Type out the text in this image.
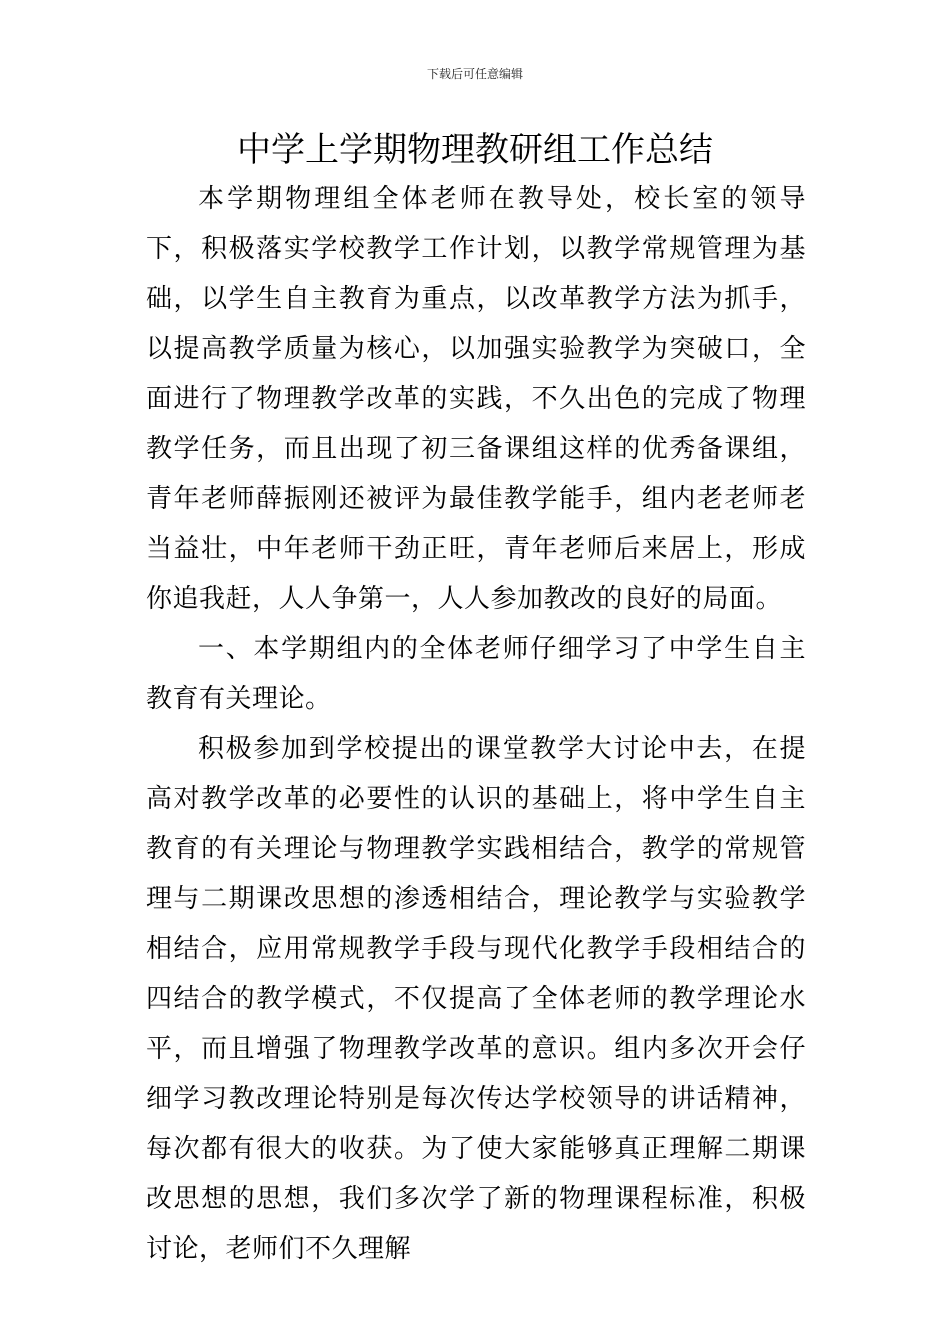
下载后可任意编辑
中学上学期物理教研组工作总结

本学期物理组全体老师在教导处，校长室的领导下，积极落实学校教学工作计划，以教学常规管理为基础，以学生自主教育为重点，以改革教学方法为抓手，以提高教学质量为核心，以加强实验教学为突破口，全面进行了物理教学改革的实践，不久出色的完成了物理教学任务，而且出现了初三备课组这样的优秀备课组，青年老师薛振刚还被评为最佳教学能手，组内老老师老当益壮，中年老师干劲正旺，青年老师后来居上，形成你追我赶，人人争第一，人人参加教改的良好的局面。

一、本学期组内的全体老师仔细学习了中学生自主教育有关理论。

积极参加到学校提出的课堂教学大讨论中去，在提高对教学改革的必要性的认识的基础上，将中学生自主教育的有关理论与物理教学实践相结合，教学的常规管理与二期课改思想的渗透相结合，理论教学与实验教学相结合，应用常规教学手段与现代化教学手段相结合的四结合的教学模式，不仅提高了全体老师的教学理论水平，而且增强了物理教学改革的意识。组内多次开会仔细学习教改理论特别是每次传达学校领导的讲话精神，每次都有很大的收获。为了使大家能够真正理解二期课改思想的思想，我们多次学了新的物理课程标准，积极讨论，老师们不久理解
